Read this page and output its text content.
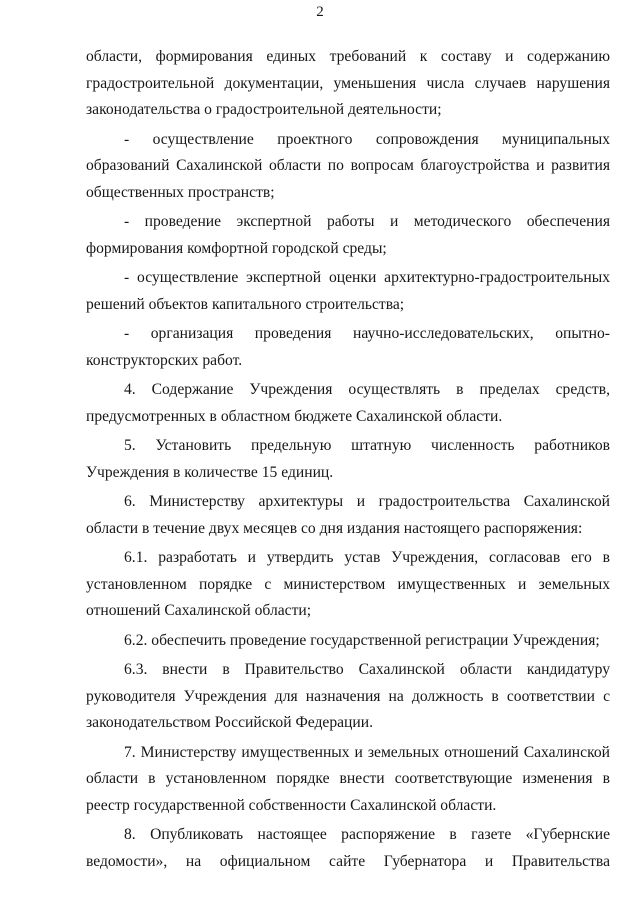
2

области, формирования единых требований к составу и содержанию градостроительной документации, уменьшения числа случаев нарушения законодательства о градостроительной деятельности;

- осуществление проектного сопровождения муниципальных образований Сахалинской области по вопросам благоустройства и развития общественных пространств;

- проведение экспертной работы и методического обеспечения формирования комфортной городской среды;

- осуществление экспертной оценки архитектурно-градостроительных решений объектов капитального строительства;

- организация проведения научно-исследовательских, опытно-конструкторских работ.

4. Содержание Учреждения осуществлять в пределах средств, предусмотренных в областном бюджете Сахалинской области.

5. Установить предельную штатную численность работников Учреждения в количестве 15 единиц.

6. Министерству архитектуры и градостроительства Сахалинской области в течение двух месяцев со дня издания настоящего распоряжения:

6.1. разработать и утвердить устав Учреждения, согласовав его в установленном порядке с министерством имущественных и земельных отношений Сахалинской области;

6.2. обеспечить проведение государственной регистрации Учреждения;

6.3. внести в Правительство Сахалинской области кандидатуру руководителя Учреждения для назначения на должность в соответствии с законодательством Российской Федерации.

7. Министерству имущественных и земельных отношений Сахалинской области в установленном порядке внести соответствующие изменения в реестр государственной собственности Сахалинской области.

8. Опубликовать настоящее распоряжение в газете «Губернские ведомости», на официальном сайте Губернатора и Правительства
